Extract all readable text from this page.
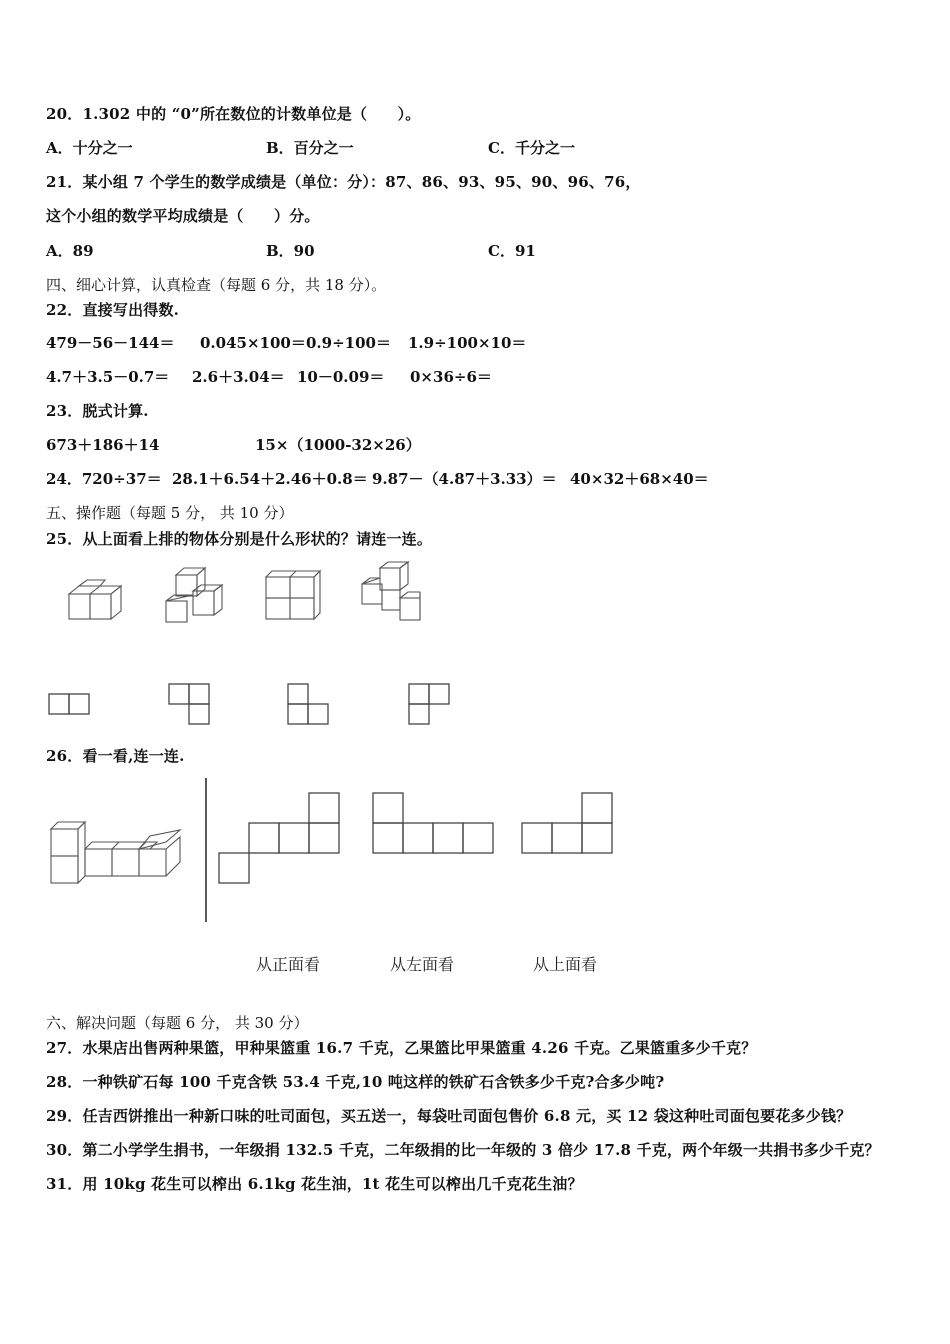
20．1.302 中的 “0”所在数位的计数单位是（　　）。
A．十分之一	B．百分之一	C．千分之一
21．某小组 7 个学生的数学成绩是（单位：分）：87、86、93、95、90、96、76，
这个小组的数学平均成绩是（　　）分。
A．89	B．90	C．91
四、细心计算，认真检查（每题 6 分，共 18 分）。
22．直接写出得数.
479－56－144＝ 0.045×100＝ 0.9÷100＝ 1.9÷100×10＝
4.7＋3.5－0.7＝ 2.6＋3.04＝ 10－0.09＝ 0×36÷6＝
23．脱式计算.
673＋186＋14	15×（1000-32×26）
24．720÷37＝ 28.1＋6.54＋2.46＋0.8＝ 9.87－（4.87＋3.33）＝ 40×32＋68×40＝
五、操作题（每题 5 分， 共 10 分）
25．从上面看上排的物体分别是什么形状的？请连一连。
26．看一看,连一连.
从正面看	从左面看	从上面看
六、解决问题（每题 6 分， 共 30 分）
27．水果店出售两种果篮，甲种果篮重 16.7 千克，乙果篮比甲果篮重 4.26 千克。乙果篮重多少千克？
28．一种铁矿石每 100 千克含铁 53.4 千克,10 吨这样的铁矿石含铁多少千克?合多少吨?
29．任吉西饼推出一种新口味的吐司面包，买五送一，每袋吐司面包售价 6.8 元，买 12 袋这种吐司面包要花多少钱？
30．第二小学学生捐书，一年级捐 132.5 千克，二年级捐的比一年级的 3 倍少 17.8 千克，两个年级一共捐书多少千克？
31．用 10kg 花生可以榨出 6.1kg 花生油，1t 花生可以榨出几千克花生油？
